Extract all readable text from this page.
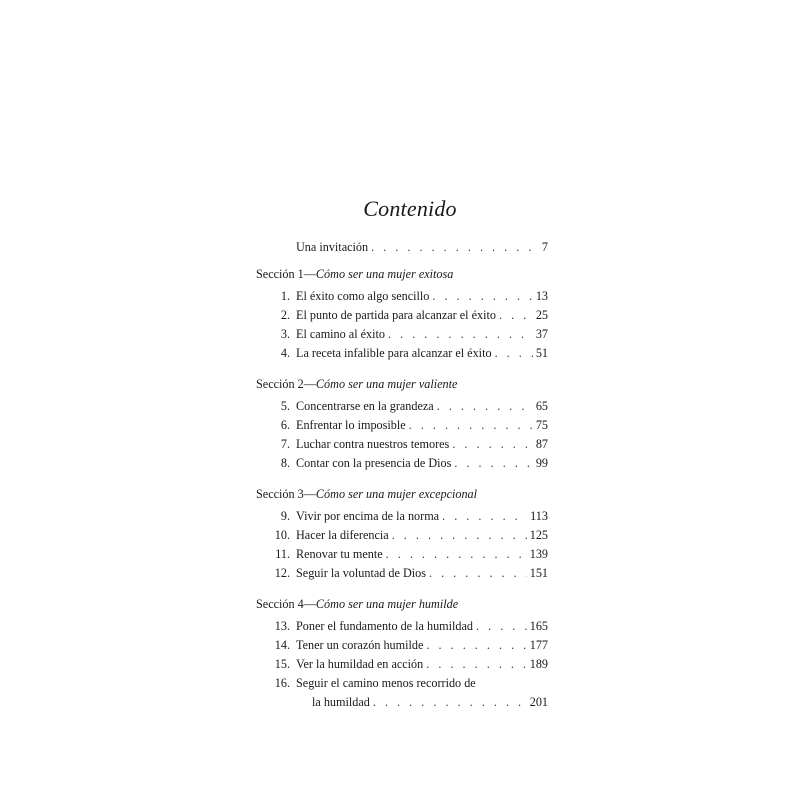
Contenido
Una invitación . . .	7
Sección 1—Cómo ser una mujer exitosa
1. El éxito como algo sencillo . . .	13
2. El punto de partida para alcanzar el éxito . . .	25
3. El camino al éxito . . .	37
4. La receta infalible para alcanzar el éxito . . .	51
Sección 2—Cómo ser una mujer valiente
5. Concentrarse en la grandeza . . .	65
6. Enfrentar lo imposible . . .	75
7. Luchar contra nuestros temores . . .	87
8. Contar con la presencia de Dios . . .	99
Sección 3—Cómo ser una mujer excepcional
9. Vivir por encima de la norma . . .	113
10. Hacer la diferencia . . .	125
11. Renovar tu mente . . .	139
12. Seguir la voluntad de Dios . . .	151
Sección 4—Cómo ser una mujer humilde
13. Poner el fundamento de la humildad . . .	165
14. Tener un corazón humilde . . .	177
15. Ver la humildad en acción . . .	189
16. Seguir el camino menos recorrido de
la humildad . . .	201
